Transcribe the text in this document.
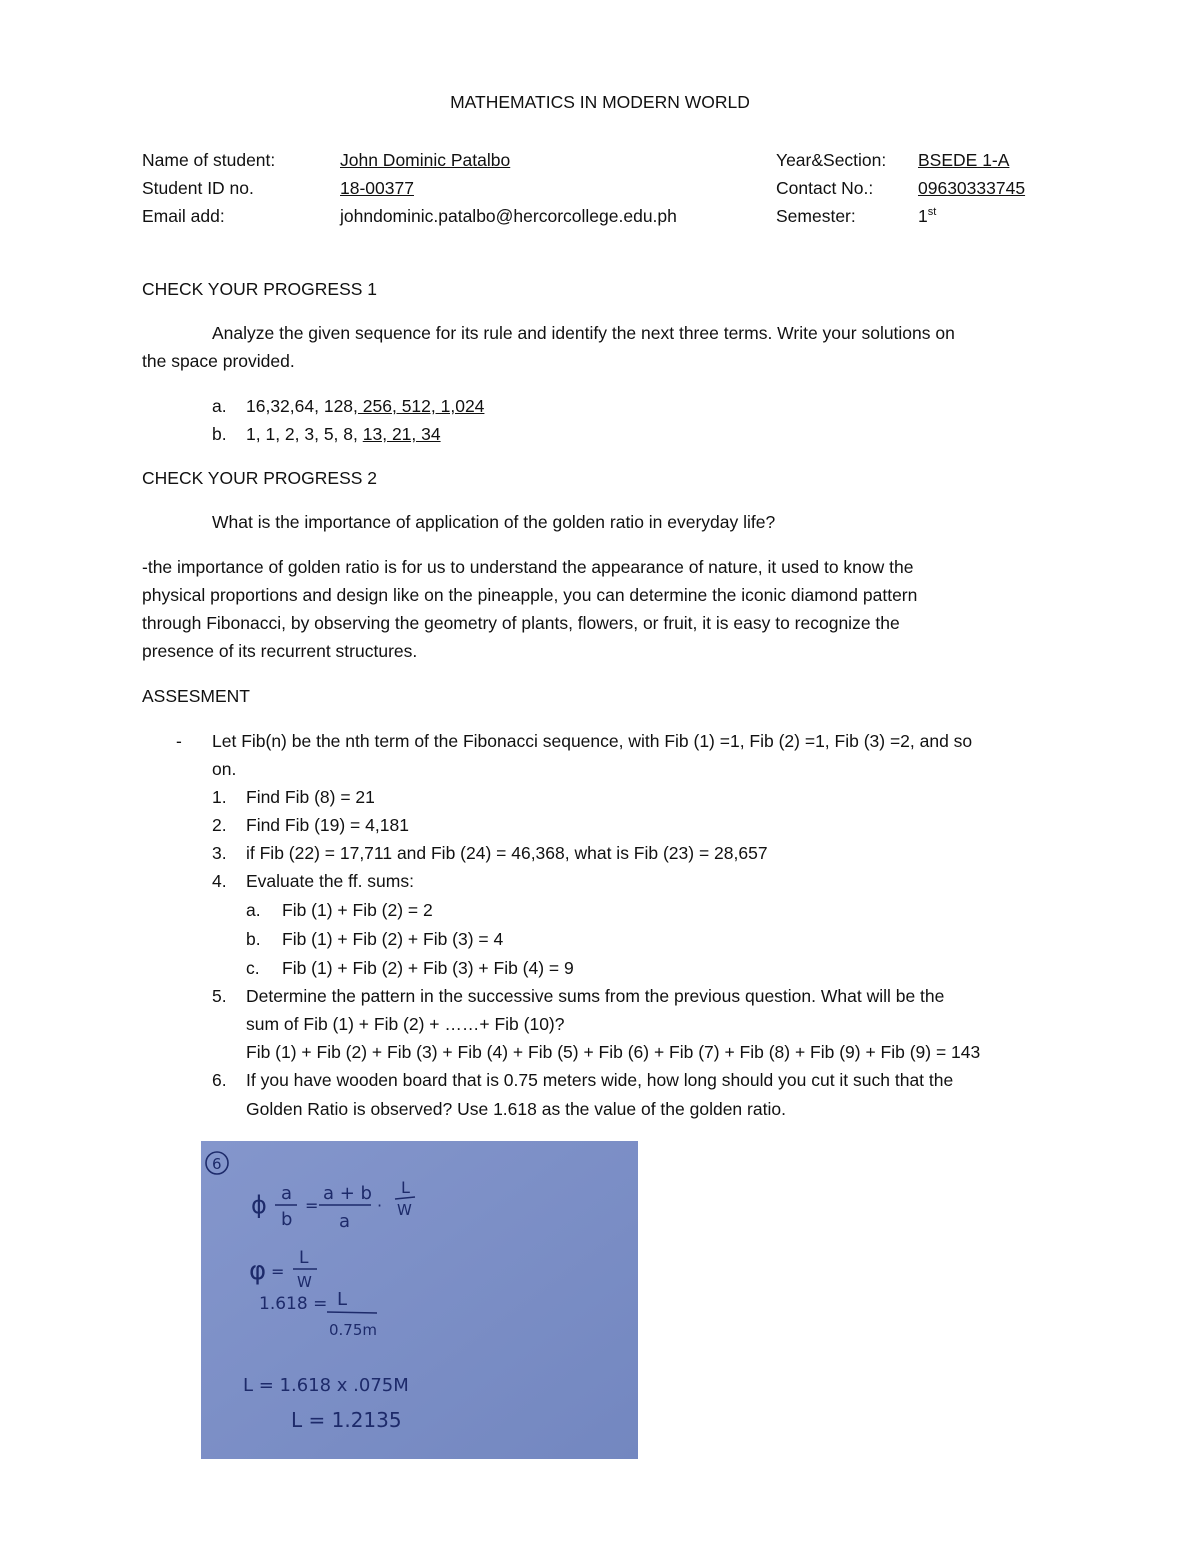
MATHEMATICS IN MODERN WORLD
Name of student:	John Dominic Patalbo
Student ID no.	18-00377
Email add:	johndominic.patalbo@hercorcollege.edu.ph
Year&Section: BSEDE 1-A
Contact No.:	09630333745
Semester:	1st
CHECK YOUR PROGRESS 1
Analyze the given sequence for its rule and identify the next three terms. Write your solutions on
the space provided.
a. 16,32,64, 128, 256, 512, 1,024
b. 1, 1, 2, 3, 5, 8, 13, 21, 34
CHECK YOUR PROGRESS 2
What is the importance of application of the golden ratio in everyday life?
-the importance of golden ratio is for us to understand the appearance of nature, it used to know the
physical proportions and design like on the pineapple, you can determine the iconic diamond pattern
through Fibonacci, by observing the geometry of plants, flowers, or fruit, it is easy to recognize the
presence of its recurrent structures.
ASSESMENT
- Let Fib(n) be the nth term of the Fibonacci sequence, with Fib (1) =1, Fib (2) =1, Fib (3) =2, and so
on.
1. Find Fib (8) = 21
2. Find Fib (19) = 4,181
3. if Fib (22) = 17,711 and Fib (24) = 46,368, what is Fib (23) = 28,657
4. Evaluate the ff. sums:
a. Fib (1) + Fib (2) = 2
b. Fib (1) + Fib (2) + Fib (3) = 4
c. Fib (1) + Fib (2) + Fib (3) + Fib (4) = 9
5. Determine the pattern in the successive sums from the previous question. What will be the
sum of Fib (1) + Fib (2) + ……+ Fib (10)?
Fib (1) + Fib (2) + Fib (3) + Fib (4) + Fib (5) + Fib (6) + Fib (7) + Fib (8) + Fib (9) + Fib (9) = 143
6. If you have wooden board that is 0.75 meters wide, how long should you cut it such that the
Golden Ratio is observed? Use 1.618 as the value of the golden ratio.
6
ϕ a
b
=
a + b
a
·
L
W
φ =
L
W
1.618 = L
0.75m
L = 1.618 x .075M
L = 1.2135
